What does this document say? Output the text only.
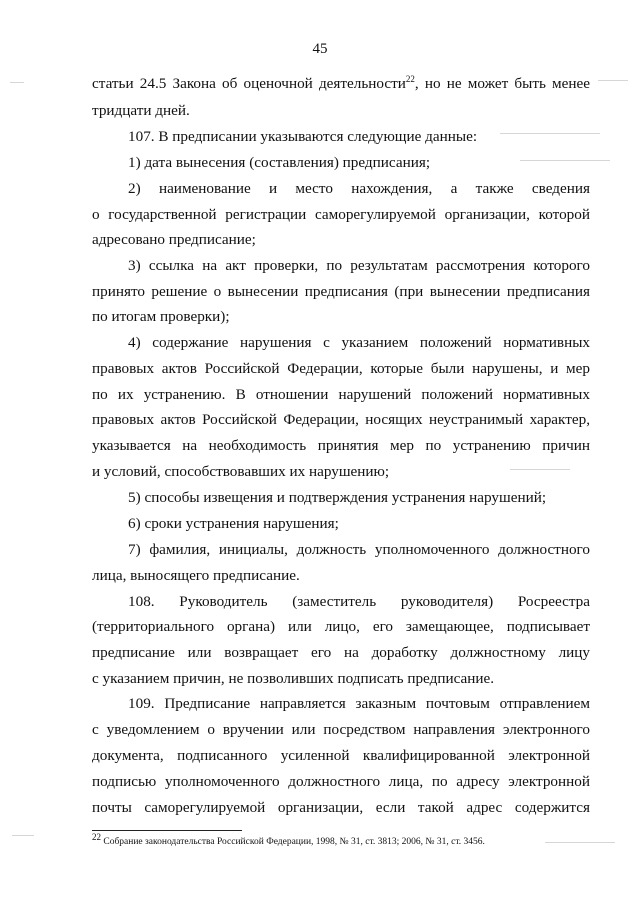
45
статьи 24.5 Закона об оценочной деятельности$^{22}$, но не может быть менее
тридцати дней.
107. В предписании указываются следующие данные:
1) дата вынесения (составления) предписания;
2) наименование и место нахождения, а также сведения
о государственной регистрации саморегулируемой организации, которой
адресовано предписание;
3) ссылка на акт проверки, по результатам рассмотрения которого
принято решение о вынесении предписания (при вынесении предписания
по итогам проверки);
4) содержание нарушения с указанием положений нормативных
правовых актов Российской Федерации, которые были нарушены, и мер
по их устранению. В отношении нарушений положений нормативных
правовых актов Российской Федерации, носящих неустранимый характер,
указывается на необходимость принятия мер по устранению причин
и условий, способствовавших их нарушению;
5) способы извещения и подтверждения устранения нарушений;
6) сроки устранения нарушения;
7) фамилия, инициалы, должность уполномоченного должностного
лица, выносящего предписание.
108. Руководитель (заместитель руководителя) Росреестра
(территориального органа) или лицо, его замещающее, подписывает
предписание или возвращает его на доработку должностному лицу
с указанием причин, не позволивших подписать предписание.
109. Предписание направляется заказным почтовым отправлением
с уведомлением о вручении или посредством направления электронного
документа, подписанного усиленной квалифицированной электронной
подписью уполномоченного должностного лица, по адресу электронной
почты саморегулируемой организации, если такой адрес содержится
$^{22}$ Собрание законодательства Российской Федерации, 1998, № 31, ст. 3813; 2006, № 31, ст. 3456.
